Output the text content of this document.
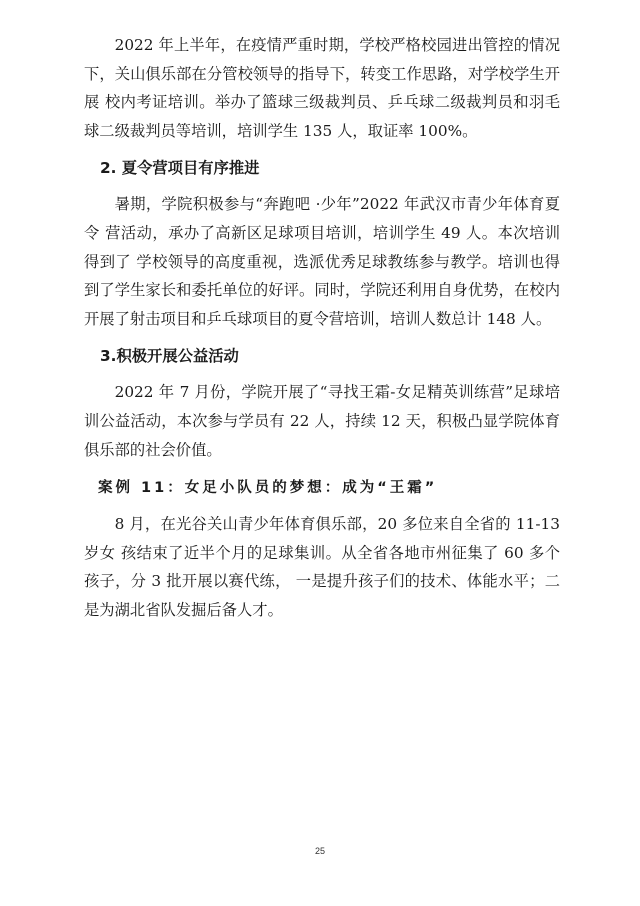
2022 年上半年，在疫情严重时期，学校严格校园进出管控的情况下，关山俱乐部在分管校领导的指导下，转变工作思路，对学校学生开展 校内考证培训。举办了篮球三级裁判员、乒乓球二级裁判员和羽毛球二级裁判员等培训，培训学生 135 人，取证率 100%。

2. 夏令营项目有序推进

暑期，学院积极参与“奔跑吧 ·少年”2022 年武汉市青少年体育夏令 营活动，承办了高新区足球项目培训，培训学生 49 人。本次培训得到了 学校领导的高度重视，选派优秀足球教练参与教学。培训也得到了学生家长和委托单位的好评。同时，学院还利用自身优势，在校内开展了射击项目和乒乓球项目的夏令营培训，培训人数总计 148 人。

3.积极开展公益活动

2022 年 7 月份，学院开展了“寻找王霜-女足精英训练营”足球培训公益活动，本次参与学员有 22 人，持续 12 天，积极凸显学院体育俱乐部的社会价值。

案例 11：女足小队员的梦想：成为“王霜”

8 月，在光谷关山青少年体育俱乐部，20 多位来自全省的 11-13 岁女 孩结束了近半个月的足球集训。从全省各地市州征集了 60 多个孩子，分 3 批开展以赛代练， 一是提升孩子们的技术、体能水平；二是为湖北省队发掘后备人才。

25
